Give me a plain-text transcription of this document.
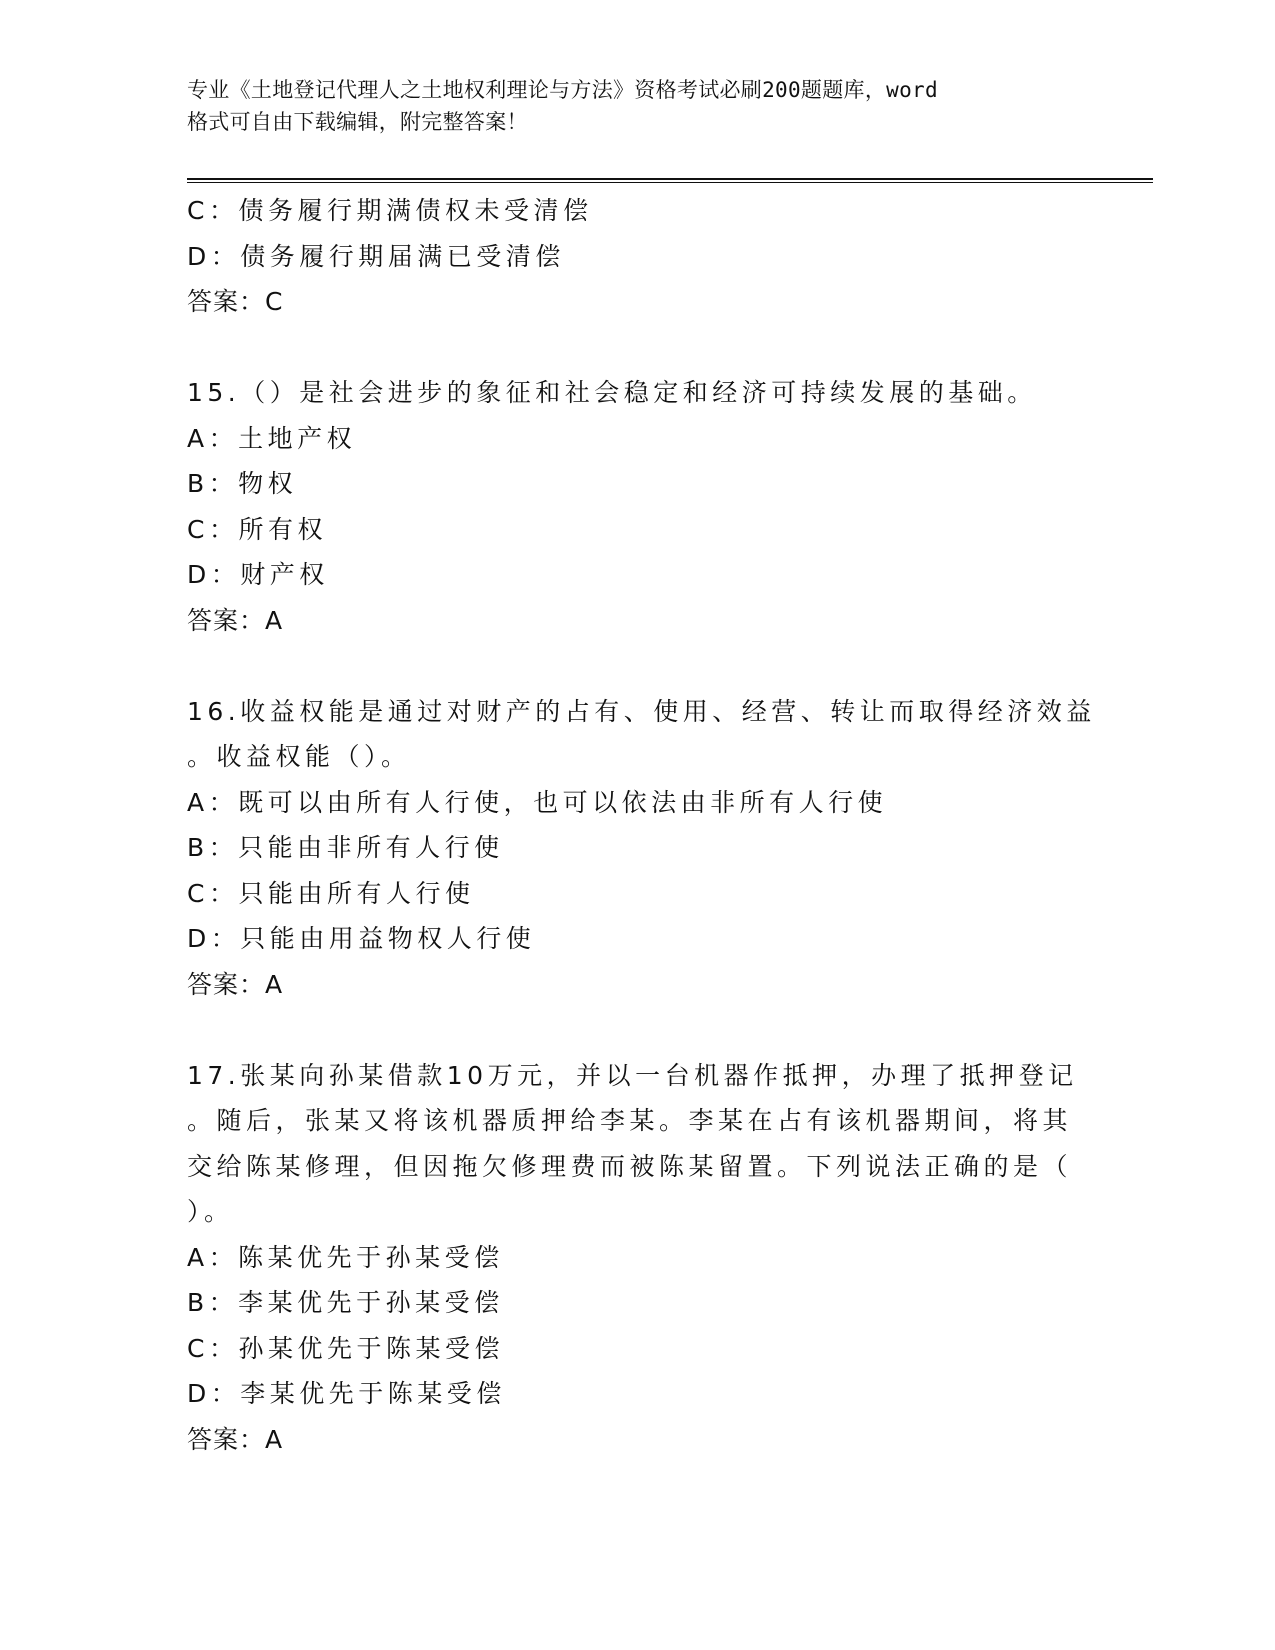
专业《土地登记代理人之土地权利理论与方法》资格考试必刷200题题库，word
格式可自由下载编辑，附完整答案！
C：债务履行期满债权未受清偿
D：债务履行期届满已受清偿
答案：C
15.（）是社会进步的象征和社会稳定和经济可持续发展的基础。
A：土地产权
B：物权
C：所有权
D：财产权
答案：A
16.收益权能是通过对财产的占有、使用、经营、转让而取得经济效益
。收益权能（）。
A：既可以由所有人行使，也可以依法由非所有人行使
B：只能由非所有人行使
C：只能由所有人行使
D：只能由用益物权人行使
答案：A
17.张某向孙某借款10万元，并以一台机器作抵押，办理了抵押登记
。随后，张某又将该机器质押给李某。李某在占有该机器期间，将其
交给陈某修理，但因拖欠修理费而被陈某留置。下列说法正确的是（
）。
A：陈某优先于孙某受偿
B：李某优先于孙某受偿
C：孙某优先于陈某受偿
D：李某优先于陈某受偿
答案：A
